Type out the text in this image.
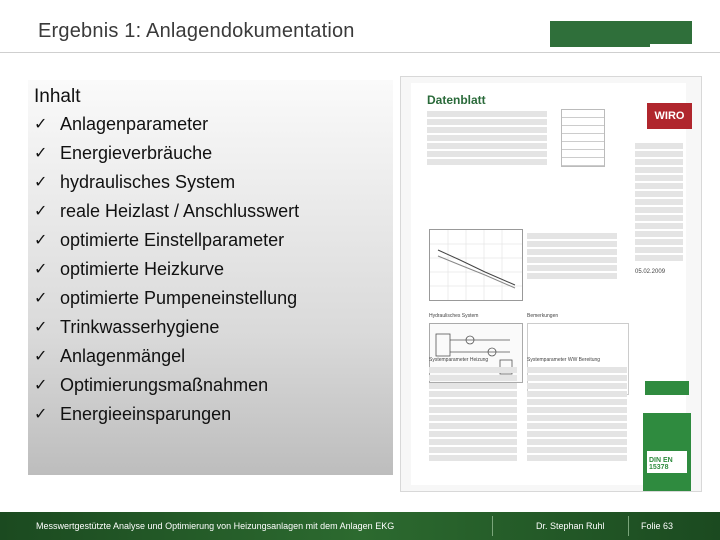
Ergebnis 1: Anlagendokumentation
Inhalt
✓ Anlagenparameter
✓ Energieverbräuche
✓ hydraulisches System
✓ reale Heizlast / Anschlusswert
✓ optimierte Einstellparameter
✓ optimierte Heizkurve
✓ optimierte Pumpeneinstellung
✓ Trinkwasserhygiene
✓ Anlagenmängel
✓ Optimierungsmaßnahmen
✓ Energieeinsparungen
Datenblatt
WIRO
Hydraulisches System	Bemerkungen
Systemparameter Heizung	Systemparameter WW Bereitung
05.02.2009
DIN EN 15378
Messwertgestützte Analyse und Optimierung von Heizungsanlagen mit dem Anlagen EKG	Dr. Stephan Ruhl	Folie 63
